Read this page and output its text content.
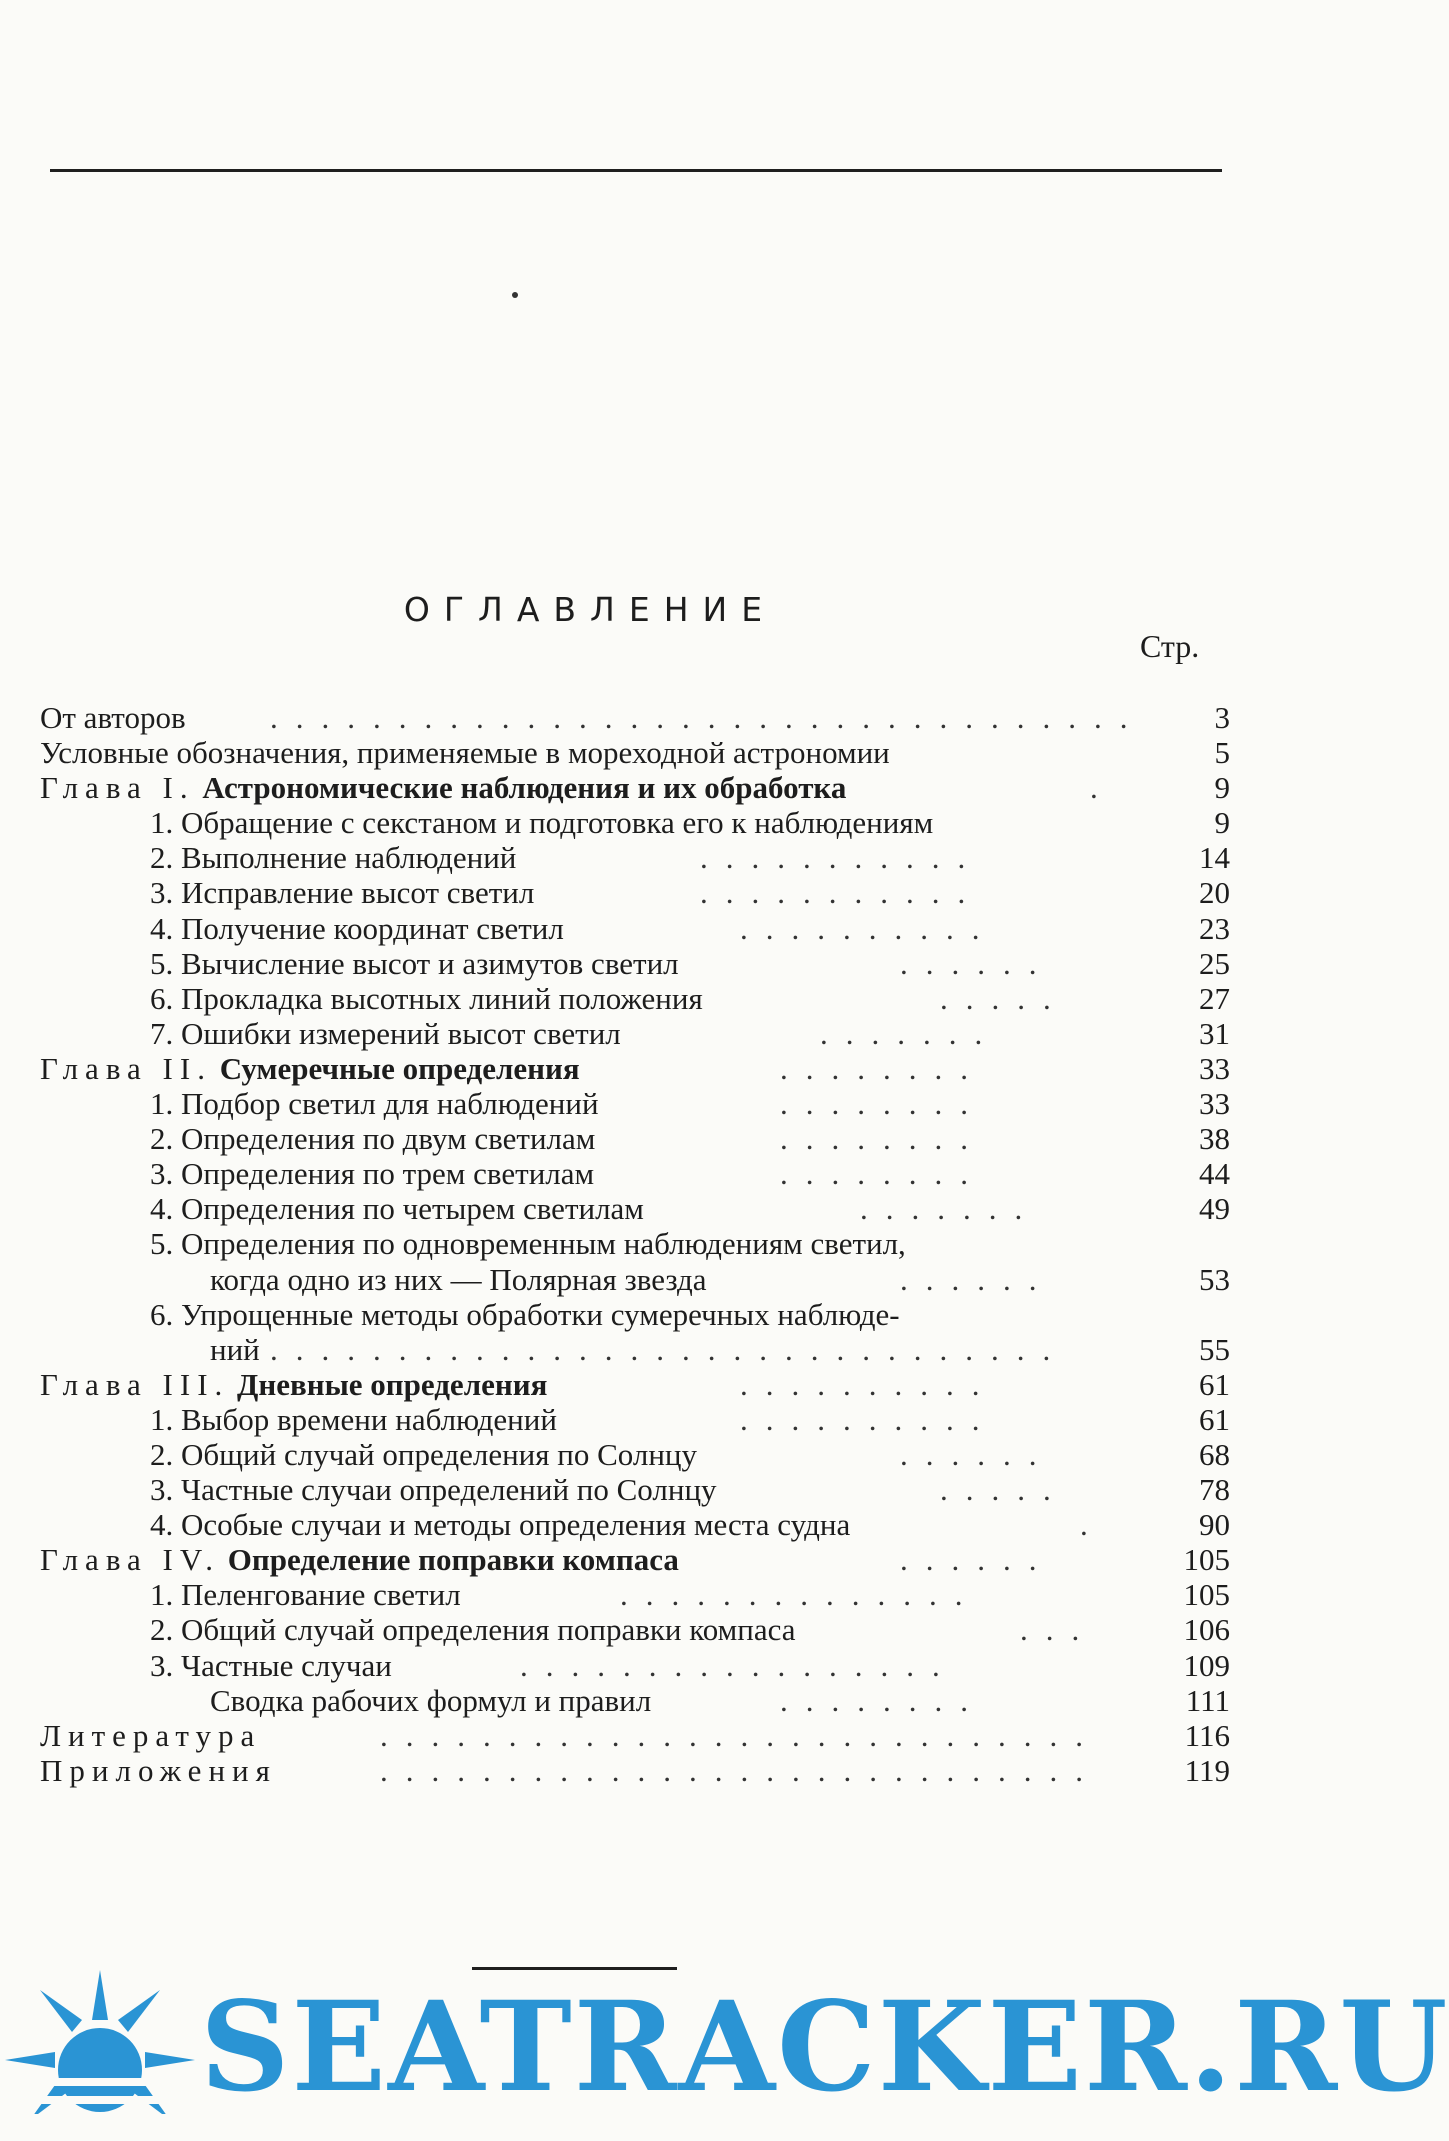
ОГЛАВЛЕНИЕ
Стр.
От авторов	..................................	3
Условные обозначения, применяемые в мореходной астрономии	5
Глава I. Астрономические наблюдения и их обработка	.	9
1. Обращение с секстаном и подготовка его к наблюдениям	9
2. Выполнение наблюдений	...........	14
3. Исправление высот светил	...........	20
4. Получение координат светил	..........	23
5. Вычисление высот и азимутов светил	......	25
6. Прокладка высотных линий положения	.....	27
7. Ошибки измерений высот светил	.......	31
Глава II. Сумеречные определения	........	33
1. Подбор светил для наблюдений	........	33
2. Определения по двум светилам	........	38
3. Определения по трем светилам	........	44
4. Определения по четырем светилам	.......	49
5. Определения по одновременным наблюдениям светил,
когда одно из них — Полярная звезда	......	53
6. Упрощенные методы обработки сумеречных наблюде-
ний ...............................	55
Глава III. Дневные определения	..........	61
1. Выбор времени наблюдений	..........	61
2. Общий случай определения по Солнцу	......	68
3. Частные случаи определений по Солнцу	.....	78
4. Особые случаи и методы определения места судна	.	90
Глава IV. Определение поправки компаса	......	105
1. Пеленгование светил	..............	105
2. Общий случай определения поправки компаса	...	106
3. Частные случаи	.................	109
Сводка рабочих формул и правил	........	111
Литература	............................	116
Приложения	............................	119
SEATRACKER.RU
